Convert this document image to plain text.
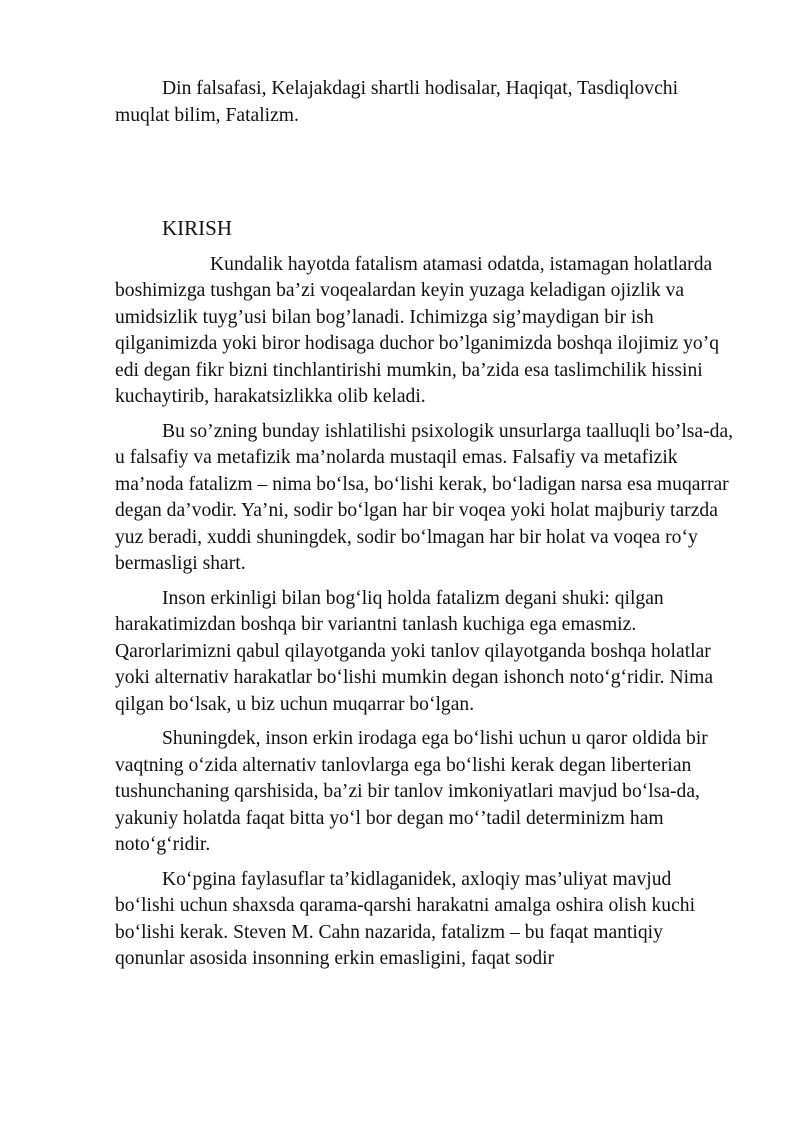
Din falsafasi, Kelajakdagi shartli hodisalar, Haqiqat, Tasdiqlovchi muqlat bilim, Fatalizm.

KIRISH

Kundalik hayotda fatalism atamasi odatda, istamagan holatlarda boshimizga tushgan ba’zi voqealardan keyin yuzaga keladigan ojizlik va umidsizlik tuyg’usi bilan bog’lanadi. Ichimizga sig’maydigan bir ish qilganimizda yoki biror hodisaga duchor bo’lganimizda boshqa ilojimiz yo’q edi degan fikr bizni tinchlantirishi mumkin, ba’zida esa taslimchilik hissini kuchaytirib, harakatsizlikka olib keladi.

Bu so’zning bunday ishlatilishi psixologik unsurlarga taalluqli bo’lsa-da, u falsafiy va metafizik ma’nolarda mustaqil emas. Falsafiy va metafizik ma’noda fatalizm – nima bo‘lsa, bo‘lishi kerak, bo‘ladigan narsa esa muqarrar degan da’vodir. Ya’ni, sodir bo‘lgan har bir voqea yoki holat majburiy tarzda yuz beradi, xuddi shuningdek, sodir bo‘lmagan har bir holat va voqea ro‘y bermasligi shart.

Inson erkinligi bilan bog‘liq holda fatalizm degani shuki: qilgan harakatimizdan boshqa bir variantni tanlash kuchiga ega emasmiz. Qarorlarimizni qabul qilayotganda yoki tanlov qilayotganda boshqa holatlar yoki alternativ harakatlar bo‘lishi mumkin degan ishonch noto‘g‘ridir. Nima qilgan bo‘lsak, u biz uchun muqarrar bo‘lgan.

Shuningdek, inson erkin irodaga ega bo‘lishi uchun u qaror oldida bir vaqtning o‘zida alternativ tanlovlarga ega bo‘lishi kerak degan liberterian tushunchaning qarshisida, ba’zi bir tanlov imkoniyatlari mavjud bo‘lsa-da, yakuniy holatda faqat bitta yo‘l bor degan mo‘’tadil determinizm ham noto‘g‘ridir.

Ko‘pgina faylasuflar ta’kidlaganidek, axloqiy mas’uliyat mavjud bo‘lishi uchun shaxsda qarama-qarshi harakatni amalga oshira olish kuchi bo‘lishi kerak. Steven M. Cahn nazarida, fatalizm – bu faqat mantiqiy qonunlar asosida insonning erkin emasligini, faqat sodir
